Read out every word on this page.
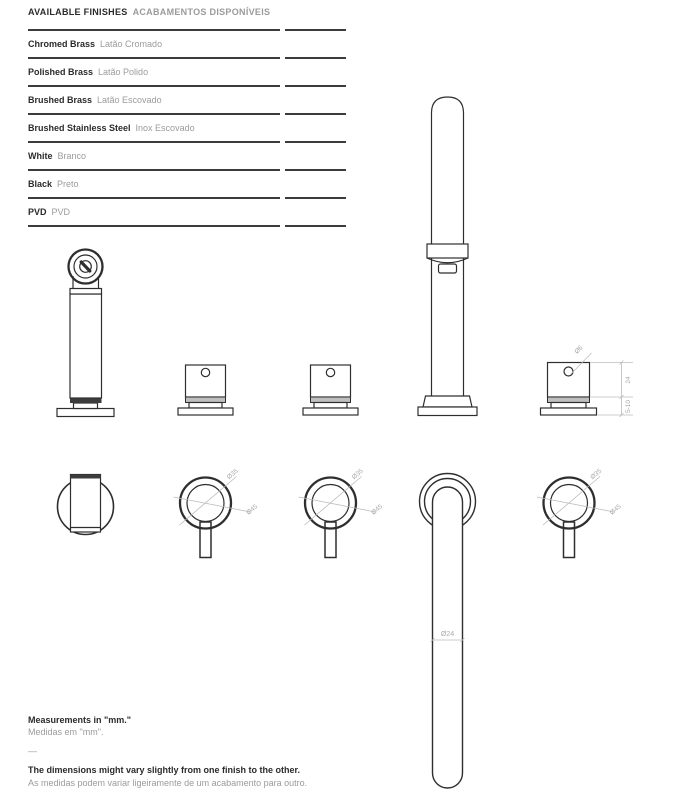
AVAILABLE FINISHES ACABAMENTOS DISPONÍVEIS
Chromed Brass Latão Cromado
Polished Brass Latão Polido
Brushed Brass Latão Escovado
Brushed Stainless Steel Inox Escovado
White Branco
Black Preto
PVD PVD
Ø6
24
5-10
Ø35
Ø45
Ø35
Ø45
Ø24
Ø35
Ø45
Measurements in "mm."
Medidas em "mm".
—
The dimensions might vary slightly from one finish to the other.
As medidas podem variar ligeiramente de um acabamento para outro.
